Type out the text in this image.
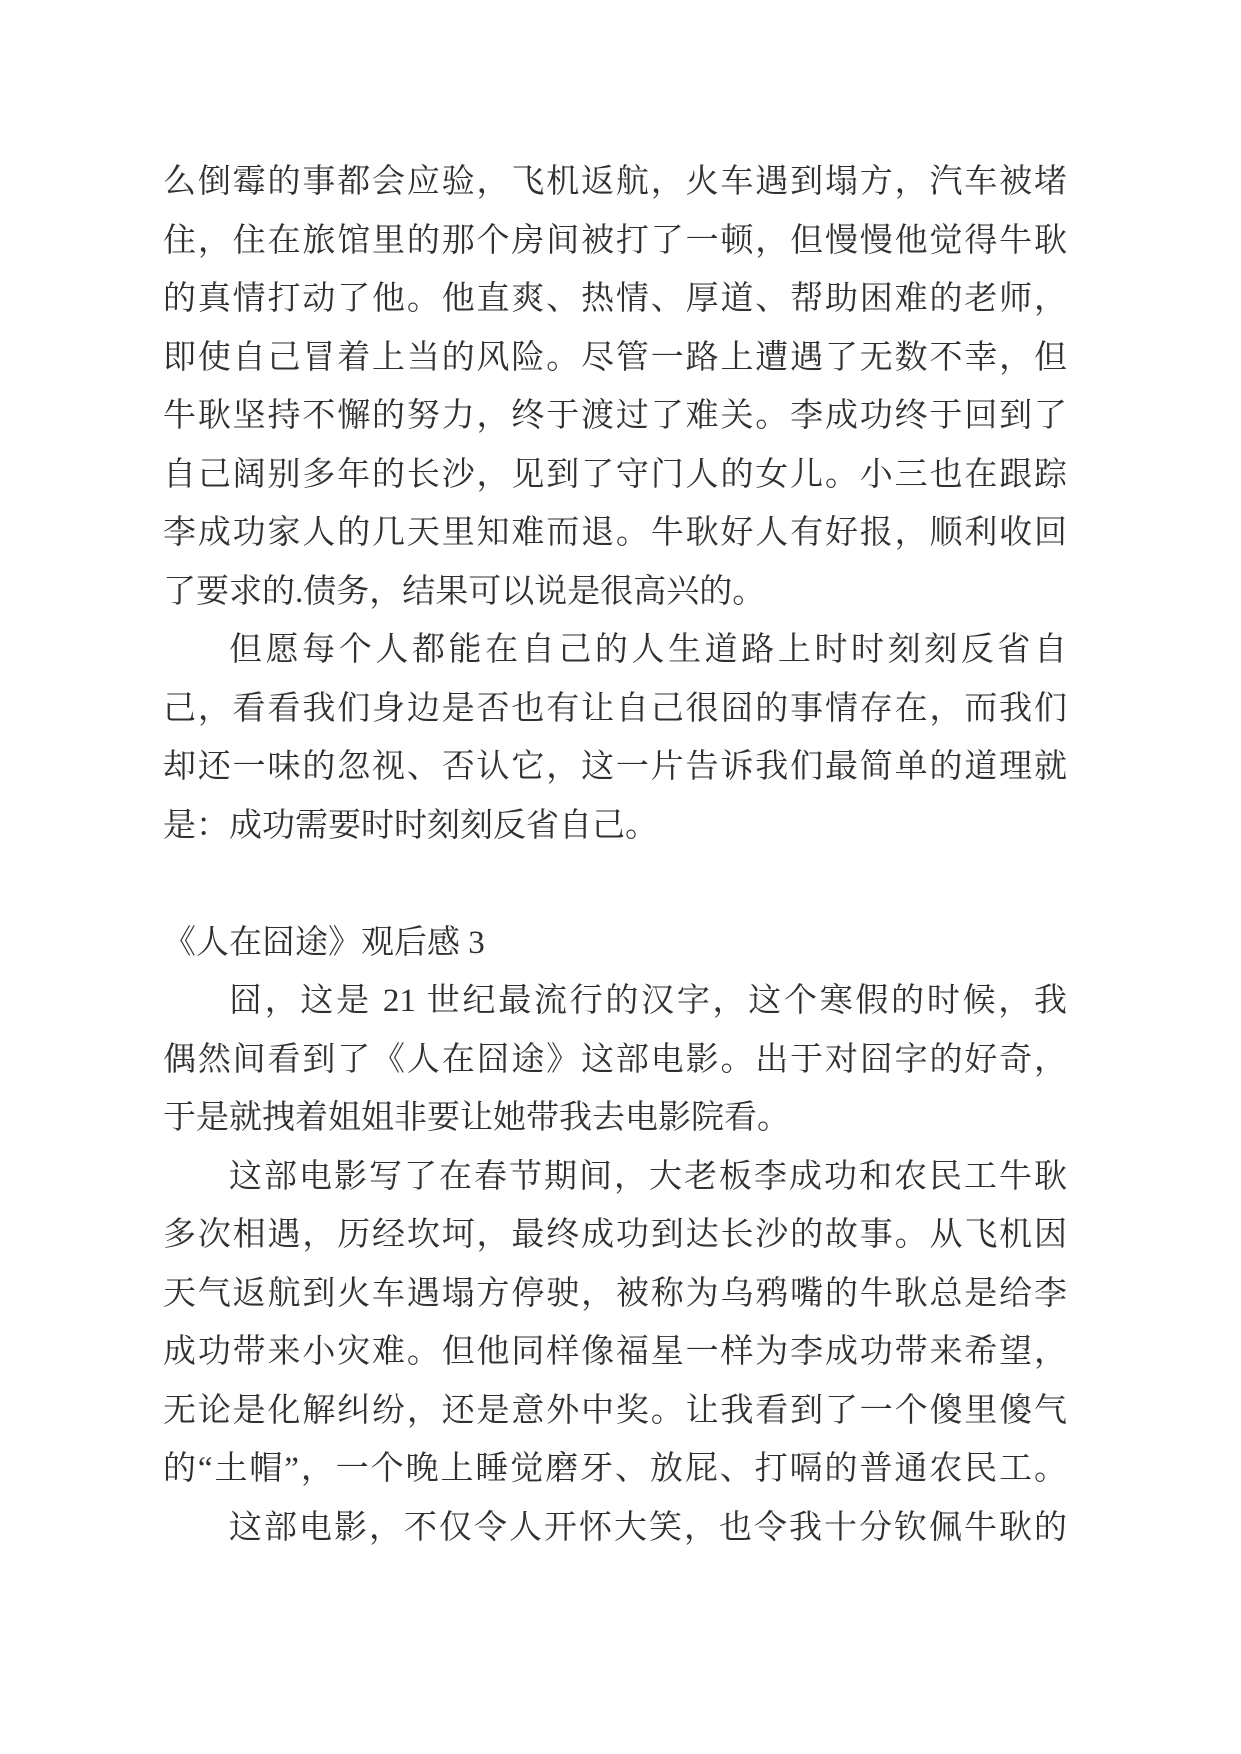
么倒霉的事都会应验，飞机返航，火车遇到塌方，汽车被堵
住，住在旅馆里的那个房间被打了一顿，但慢慢他觉得牛耿
的真情打动了他。他直爽、热情、厚道、帮助困难的老师，
即使自己冒着上当的风险。尽管一路上遭遇了无数不幸，但
牛耿坚持不懈的努力，终于渡过了难关。李成功终于回到了
自己阔别多年的长沙，见到了守门人的女儿。小三也在跟踪
李成功家人的几天里知难而退。牛耿好人有好报，顺利收回
了要求的.债务，结果可以说是很高兴的。
但愿每个人都能在自己的人生道路上时时刻刻反省自
己，看看我们身边是否也有让自己很囧的事情存在，而我们
却还一味的忽视、否认它，这一片告诉我们最简单的道理就
是：成功需要时时刻刻反省自己。
《人在囧途》观后感 3
囧，这是 21 世纪最流行的汉字，这个寒假的时候，我
偶然间看到了《人在囧途》这部电影。出于对囧字的好奇，
于是就拽着姐姐非要让她带我去电影院看。
这部电影写了在春节期间，大老板李成功和农民工牛耿
多次相遇，历经坎坷，最终成功到达长沙的故事。从飞机因
天气返航到火车遇塌方停驶，被称为乌鸦嘴的牛耿总是给李
成功带来小灾难。但他同样像福星一样为李成功带来希望，
无论是化解纠纷，还是意外中奖。让我看到了一个傻里傻气
的“土帽”，一个晚上睡觉磨牙、放屁、打嗝的普通农民工。
这部电影，不仅令人开怀大笑，也令我十分钦佩牛耿的
